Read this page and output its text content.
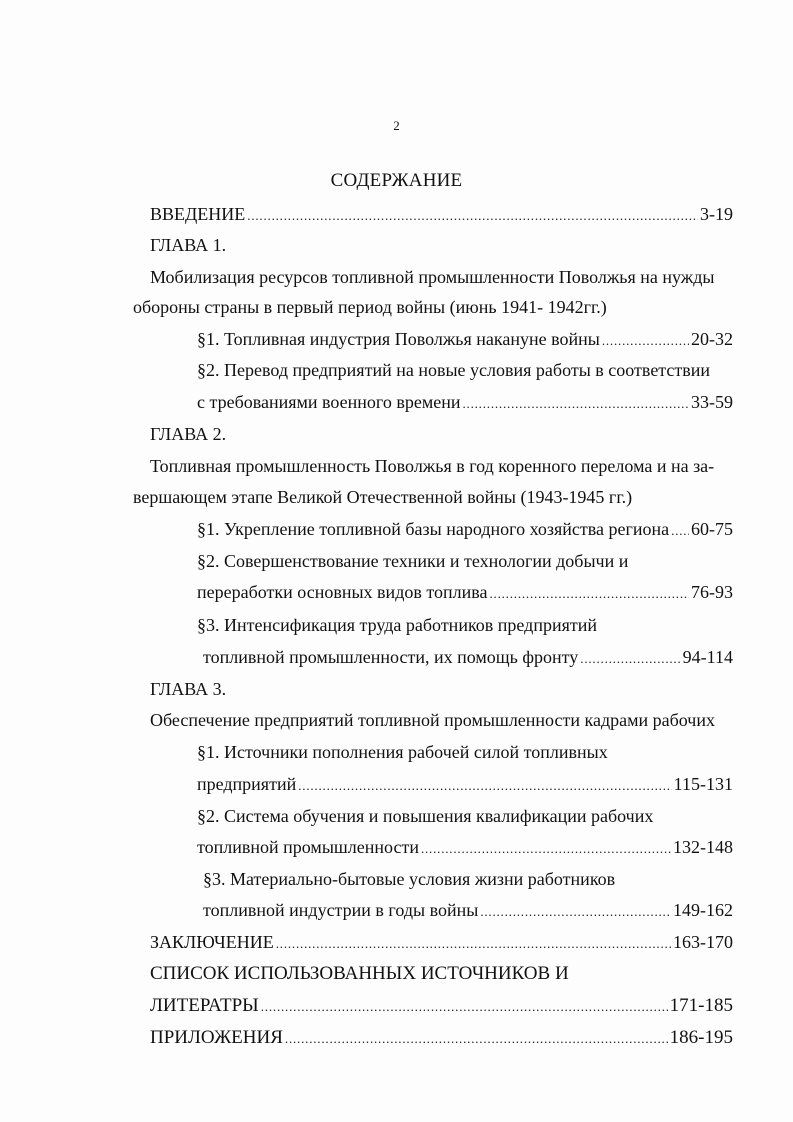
2
СОДЕРЖАНИЕ
ВВЕДЕНИЕ .....	3-19
ГЛАВА 1.
Мобилизация ресурсов топливной промышленности Поволжья на нужды
обороны страны в первый период войны (июнь 1941- 1942гг.)
§1. Топливная индустрия Поволжья накануне войны .....	20-32
§2. Перевод предприятий на новые условия работы в соответствии
с требованиями военного времени .....	33-59
ГЛАВА 2.
Топливная промышленность Поволжья в год коренного перелома и на за-
вершающем этапе Великой Отечественной войны (1943-1945 гг.)
§1. Укрепление топливной базы народного хозяйства региона ..... 60-75
§2. Совершенствование техники и технологии добычи и
переработки основных видов топлива .....	76-93
§3. Интенсификация труда работников предприятий
топливной промышленности, их помощь фронту .....	94-114
ГЛАВА 3.
Обеспечение предприятий топливной промышленности кадрами рабочих
§1. Источники пополнения рабочей силой топливных
предприятий .....	115-131
§2. Система обучения и повышения квалификации рабочих
топливной промышленности .....	132-148
§3. Материально-бытовые условия жизни работников
топливной индустрии в годы войны .....	149-162
ЗАКЛЮЧЕНИЕ .....	163-170
СПИСОК ИСПОЛЬЗОВАННЫХ ИСТОЧНИКОВ И
ЛИТЕРАТРЫ .....	171-185
ПРИЛОЖЕНИЯ .....	186-195
